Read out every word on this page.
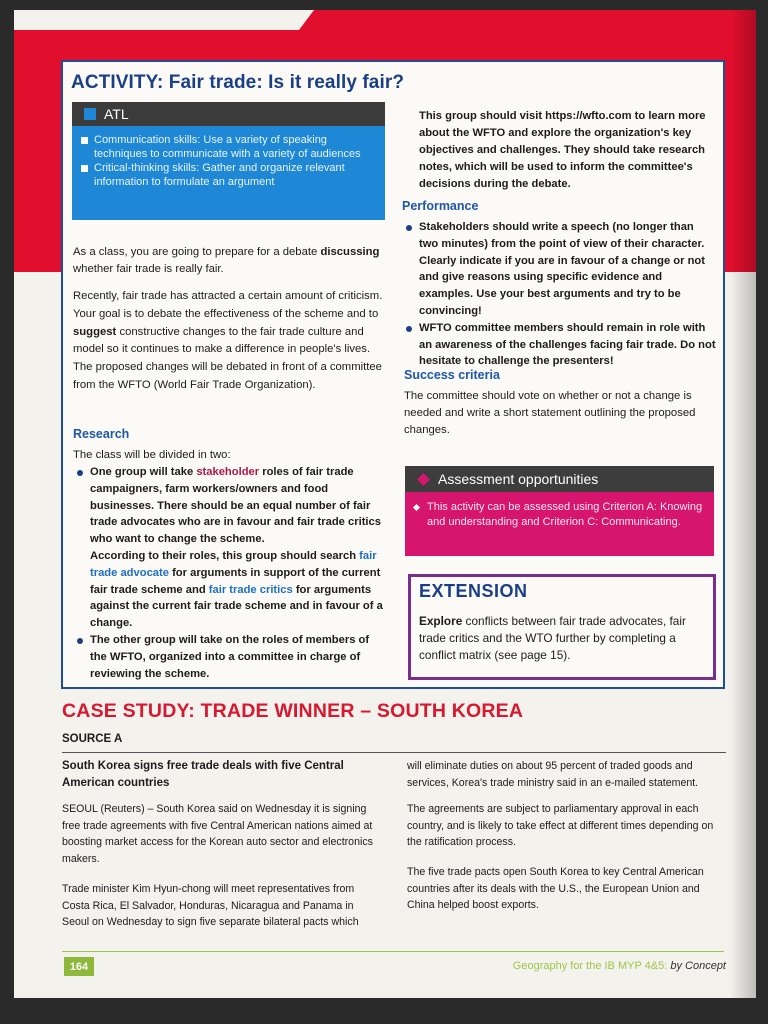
ACTIVITY: Fair trade: Is it really fair?
ATL
Communication skills: Use a variety of speaking techniques to communicate with a variety of audiences
Critical-thinking skills: Gather and organize relevant information to formulate an argument

As a class, you are going to prepare for a debate discussing whether fair trade is really fair.

Recently, fair trade has attracted a certain amount of criticism. Your goal is to debate the effectiveness of the scheme and to suggest constructive changes to the fair trade culture and model so it continues to make a difference in people's lives. The proposed changes will be debated in front of a committee from the WFTO (World Fair Trade Organization).

Research

The class will be divided in two:

One group will take stakeholder roles of fair trade campaigners, farm workers/owners and food businesses. There should be an equal number of fair trade advocates who are in favour and fair trade critics who want to change the scheme.
According to their roles, this group should search fair trade advocate for arguments in support of the current fair trade scheme and fair trade critics for arguments against the current fair trade scheme and in favour of a change.
The other group will take on the roles of members of the WFTO, organized into a committee in charge of reviewing the scheme.

This group should visit https://wfto.com to learn more about the WFTO and explore the organization's key objectives and challenges. They should take research notes, which will be used to inform the committee's decisions during the debate.

Performance
Stakeholders should write a speech (no longer than two minutes) from the point of view of their character. Clearly indicate if you are in favour of a change or not and give reasons using specific evidence and examples. Use your best arguments and try to be convincing!
WFTO committee members should remain in role with an awareness of the challenges facing fair trade. Do not hesitate to challenge the presenters!
Success criteria

The committee should vote on whether or not a change is needed and write a short statement outlining the proposed changes.

Assessment opportunities
This activity can be assessed using Criterion A: Knowing and understanding and Criterion C: Communicating.
EXTENSION

Explore conflicts between fair trade advocates, fair trade critics and the WTO further by completing a conflict matrix (see page 15).

CASE STUDY: TRADE WINNER – SOUTH KOREA

SOURCE A

South Korea signs free trade deals with five Central American countries

SEOUL (Reuters) – South Korea said on Wednesday it is signing free trade agreements with five Central American nations aimed at boosting market access for the Korean auto sector and electronics makers.

Trade minister Kim Hyun-chong will meet representatives from Costa Rica, El Salvador, Honduras, Nicaragua and Panama in Seoul on Wednesday to sign five separate bilateral pacts which

will eliminate duties on about 95 percent of traded goods and services, Korea's trade ministry said in an e-mailed statement.

The agreements are subject to parliamentary approval in each country, and is likely to take effect at different times depending on the ratification process.

The five trade pacts open South Korea to key Central American countries after its deals with the U.S., the European Union and China helped boost exports.

164	Geography for the IB MYP 4&5: by Concept
